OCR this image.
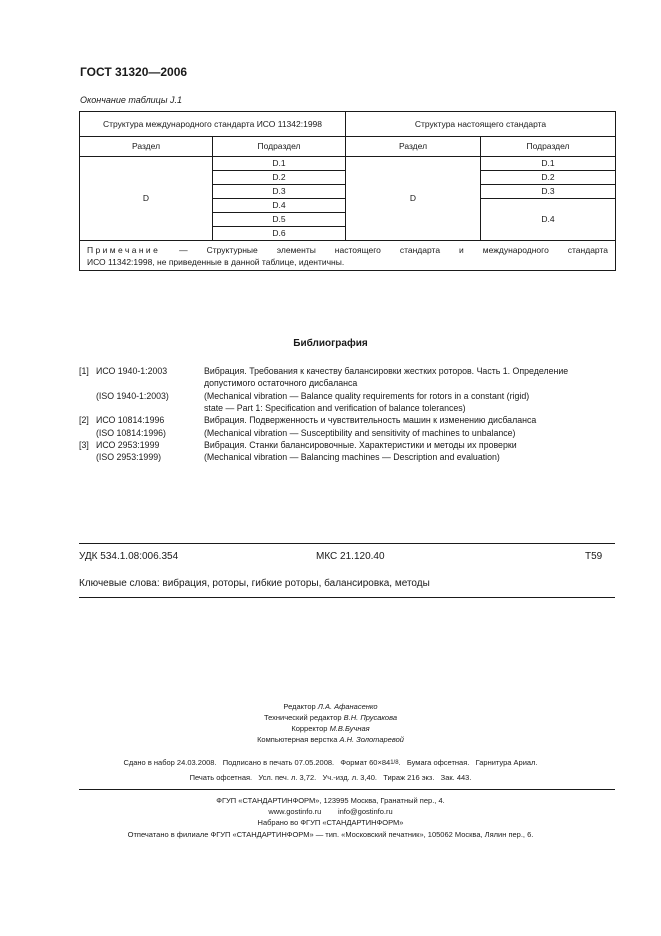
ГОСТ 31320—2006
Окончание таблицы J.1
Структура международного стандарта ИСО 11342:1998		Структура настоящего стандарта	
Раздел	Подраздел	Раздел	Подраздел
D	D.1	D	D.1
	D.2		D.2
	D.3		D.3
	D.4		D.4
	D.5		
	D.6		
Примечание — Структурные элементы настоящего стандарта и международного стандарта
ИСО 11342:1998, не приведенные в данной таблице, идентичны.			
Библиография
[1] ИСО 1940-1:2003	Вибрация. Требования к качеству балансировки жестких роторов. Часть 1. Определение
допустимого остаточного дисбаланса
(ISO 1940-1:2003)	(Mechanical vibration — Balance quality requirements for rotors in a constant (rigid)
state — Part 1: Specification and verification of balance tolerances)
[2] ИСО 10814:1996	Вибрация. Подверженность и чувствительность машин к изменению дисбаланса
(ISO 10814:1996)	(Mechanical vibration — Susceptibility and sensitivity of machines to unbalance)
[3] ИСО 2953:1999	Вибрация. Станки балансировочные. Характеристики и методы их проверки
(ISO 2953:1999)	(Mechanical vibration — Balancing machines — Description and evaluation)
УДК 534.1.08:006.354	МКС 21.120.40	Т59
Ключевые слова: вибрация, роторы, гибкие роторы, балансировка, методы
Редактор Л.А. Афанасенко
Технический редактор В.Н. Прусакова
Корректор М.В.Бучная
Компьютерная верстка А.Н. Золотаревой
Сдано в набор 24.03.2008.   Подписано в печать 07.05.2008.   Формат 60×841/8.   Бумага офсетная.   Гарнитура Ариал.
Печать офсетная.   Усл. печ. л. 3,72.   Уч.-изд. л. 3,40.   Тираж 216 экз.   Зак. 443.
ФГУП «СТАНДАРТИНФОРМ», 123995 Москва, Гранатный пер., 4.
www.gostinfo.ru        info@gostinfo.ru
Набрано во ФГУП «СТАНДАРТИНФОРМ»
Отпечатано в филиале ФГУП «СТАНДАРТИНФОРМ» — тип. «Московский печатник», 105062 Москва, Лялин пер., 6.
